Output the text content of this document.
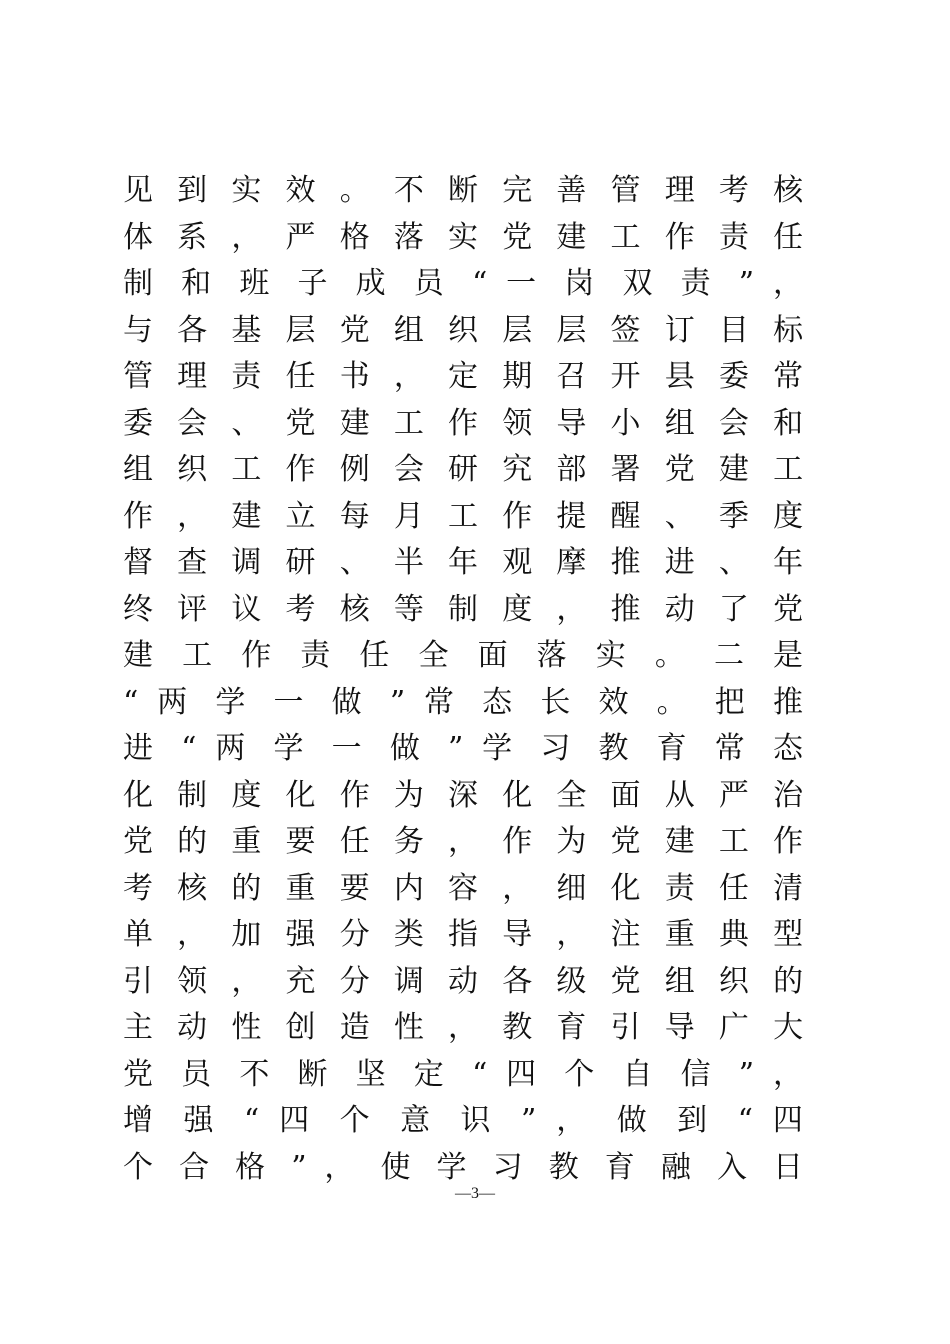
见 到 实 效 。 不 断 完 善 管 理 考 核
体 系 ， 严 格 落 实 党 建 工 作 责 任
制 和 班 子 成 员 “ 一 岗 双 责 ” ，
与 各 基 层 党 组 织 层 层 签 订 目 标
管 理 责 任 书 ， 定 期 召 开 县 委 常
委 会 、 党 建 工 作 领 导 小 组 会 和
组 织 工 作 例 会 研 究 部 署 党 建 工
作 ， 建 立 每 月 工 作 提 醒 、 季 度
督 查 调 研 、 半 年 观 摩 推 进 、 年
终 评 议 考 核 等 制 度 ， 推 动 了 党
建 工 作 责 任 全 面 落 实 。 二 是
“ 两 学 一 做 ” 常 态 长 效 。 把 推
进 “ 两 学 一 做 ” 学 习 教 育 常 态
化 制 度 化 作 为 深 化 全 面 从 严 治
党 的 重 要 任 务 ， 作 为 党 建 工 作
考 核 的 重 要 内 容 ， 细 化 责 任 清
单 ， 加 强 分 类 指 导 ， 注 重 典 型
引 领 ， 充 分 调 动 各 级 党 组 织 的
主 动 性 创 造 性 ， 教 育 引 导 广 大
党 员 不 断 坚 定 “ 四 个 自 信 ” ，
增 强 “ 四 个 意 识 ” ， 做 到 “ 四
个 合 格 ” ， 使 学 习 教 育 融 入 日
—3—
